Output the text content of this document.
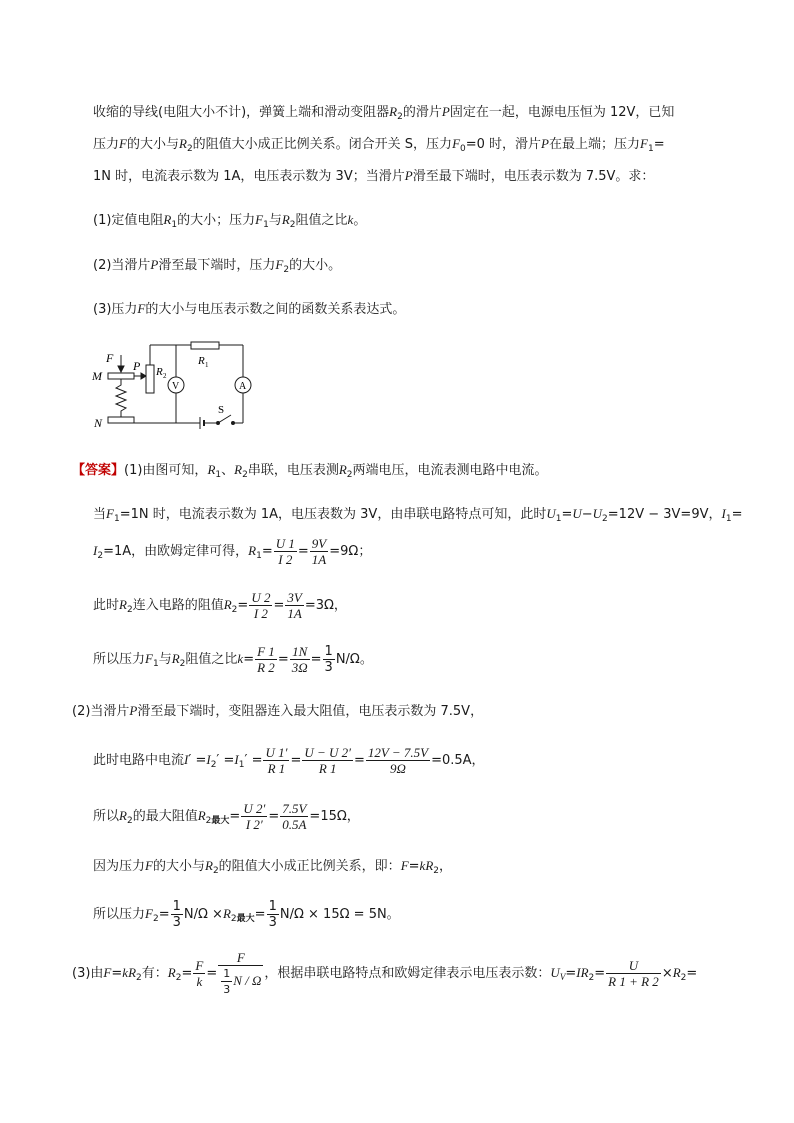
收缩的导线(电阻大小不计)，弹簧上端和滑动变阻器$R_2$的滑片P固定在一起，电源电压恒为 12V，已知
压力F的大小与$R_2$的阻值大小成正比例关系。闭合开关 S，压力$F_0=0$ 时，滑片P在最上端；压力$F_1=$
1N 时，电流表示数为 1A，电压表示数为 3V；当滑片P滑至最下端时，电压表示数为 7.5V。求：
(1)定值电阻$R_1$的大小；压力$F_1$与$R_2$阻值之比k。
(2)当滑片P滑至最下端时，压力$F_2$的大小。
(3)压力F的大小与电压表示数之间的函数关系表达式。
F
P
M
N
R 2
R 1
V	A
S
【答案】(1)由图可知，$R_1$、$R_2$串联，电压表测$R_2$两端电压，电流表测电路中电流。
当$F_1=1N$ 时，电流表示数为 1A，电压表数为 3V，由串联电路特点可知，此时$U_1=U-U_2=12V - 3V=9V$，$I_1=$
$I_2=1A$，由欧姆定律可得，$R_1= \frac{U 1}{I 2} = \frac{9V}{1A} =9\Omega$；
此时$R_2$连入电路的阻值$R_2= \frac{U 2}{I 2} = \frac{3V}{1A} =3\Omega$，
所以压力$F_1$与$R_2$阻值之比$k= \frac{F 1}{R 2} = \frac{1N}{3\Omega} = \frac{1}{3} N/\Omega$。
(2)当滑片P滑至最下端时，变阻器连入最大阻值，电压表示数为 7.5V，
此时电路中电流$I' =I_2' =I_1' = \frac{U 1'}{R 1} = \frac{U - U 2'}{R 1} = \frac{12V - 7.5V}{9\Omega} =0.5A$，
所以$R_2$的最大阻值$R_{2最大}= \frac{U 2'}{I 2'} = \frac{7.5V}{0.5A} =15\Omega$，
因为压力F的大小与$R_2$的阻值大小成正比例关系，即：$F=kR_2$，
所以压力$F_2= \frac{1}{3} N/\Omega \times R_{2最大}= \frac{1}{3} N/\Omega \times 15\Omega = 5N$。
(3)由$F=kR_2$有：$R_2= \frac{F}{k} = \frac{F}{\frac{1}{3} N / \Omega}$ ，根据串联电路特点和欧姆定律表示电压表示数：$U_V=IR_2= \frac{U}{R 1 + R 2} \times R_2=$
